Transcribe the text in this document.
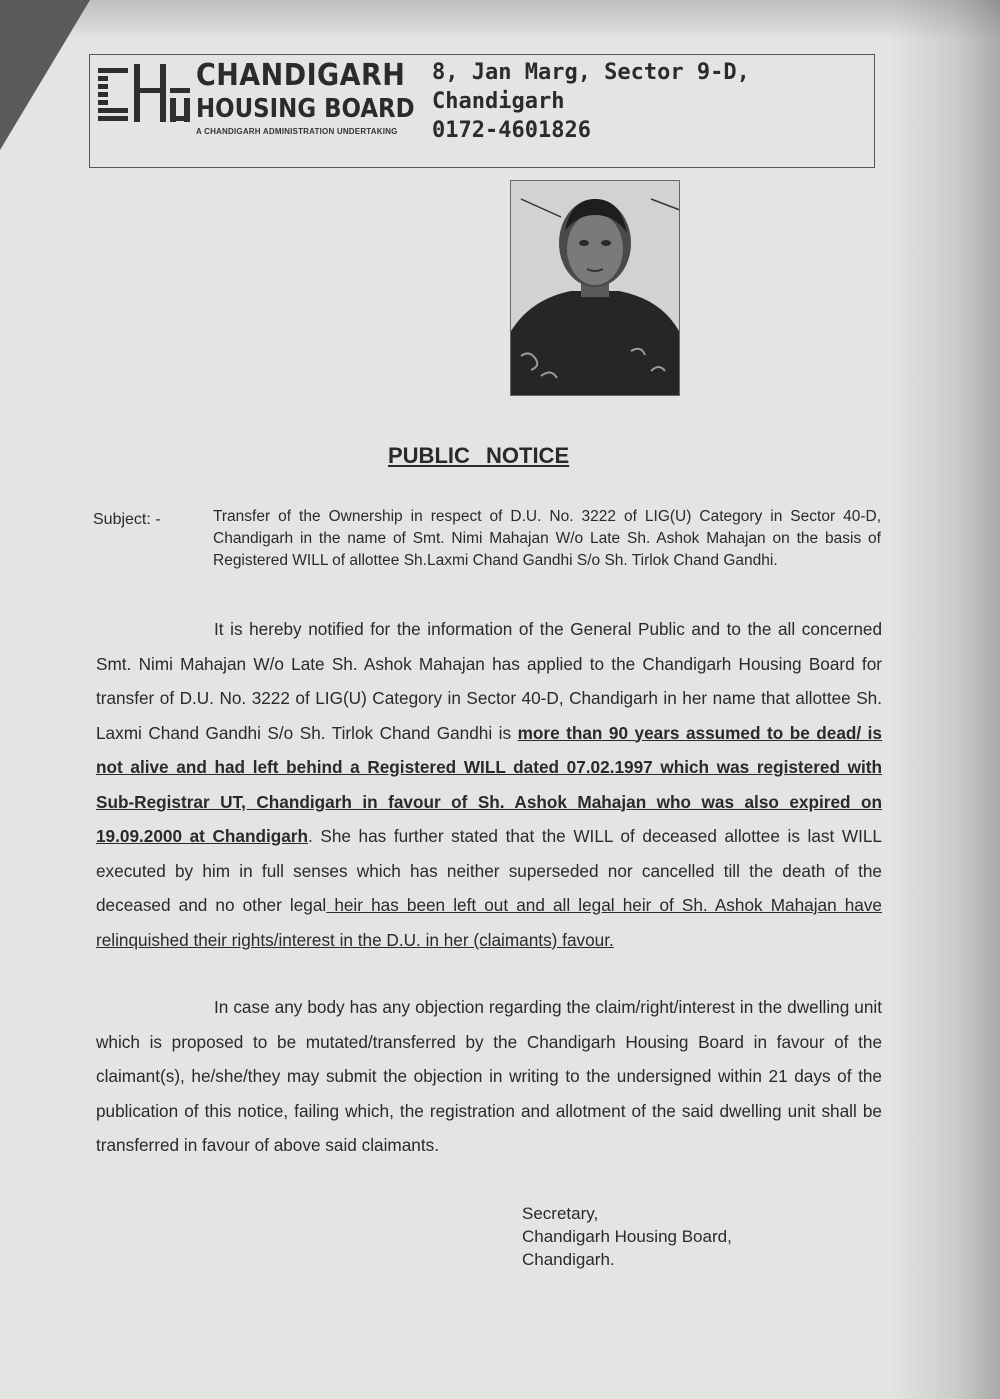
CHANDIGARH
HOUSING BOARD
A CHANDIGARH ADMINISTRATION UNDERTAKING
8, Jan Marg, Sector 9-D,
Chandigarh
0172-4601826
PUBLIC NOTICE
Subject: -	Transfer of the Ownership in respect of D.U. No. 3222 of LIG(U) Category in Sector 40-D, Chandigarh in the name of Smt. Nimi Mahajan W/o Late Sh. Ashok Mahajan on the basis of Registered WILL of allottee Sh.Laxmi Chand Gandhi S/o Sh. Tirlok Chand Gandhi.
It is hereby notified for the information of the General Public and to the all concerned Smt. Nimi Mahajan W/o Late Sh. Ashok Mahajan has applied to the Chandigarh Housing Board for transfer of D.U. No. 3222 of LIG(U) Category in Sector 40-D, Chandigarh in her name that allottee Sh. Laxmi Chand Gandhi S/o Sh. Tirlok Chand Gandhi is more than 90 years assumed to be dead/ is not alive and had left behind a Registered WILL dated 07.02.1997 which was registered with Sub-Registrar UT, Chandigarh in favour of Sh. Ashok Mahajan who was also expired on 19.09.2000 at Chandigarh. She has further stated that the WILL of deceased allottee is last WILL executed by him in full senses which has neither superseded nor cancelled till the death of the deceased and no other legal heir has been left out and all legal heir of Sh. Ashok Mahajan have relinquished their rights/interest in the D.U. in her (claimants) favour.
In case any body has any objection regarding the claim/right/interest in the dwelling unit which is proposed to be mutated/transferred by the Chandigarh Housing Board in favour of the claimant(s), he/she/they may submit the objection in writing to the undersigned within 21 days of the publication of this notice, failing which, the registration and allotment of the said dwelling unit shall be transferred in favour of above said claimants.
Secretary,
Chandigarh Housing Board,
Chandigarh.
